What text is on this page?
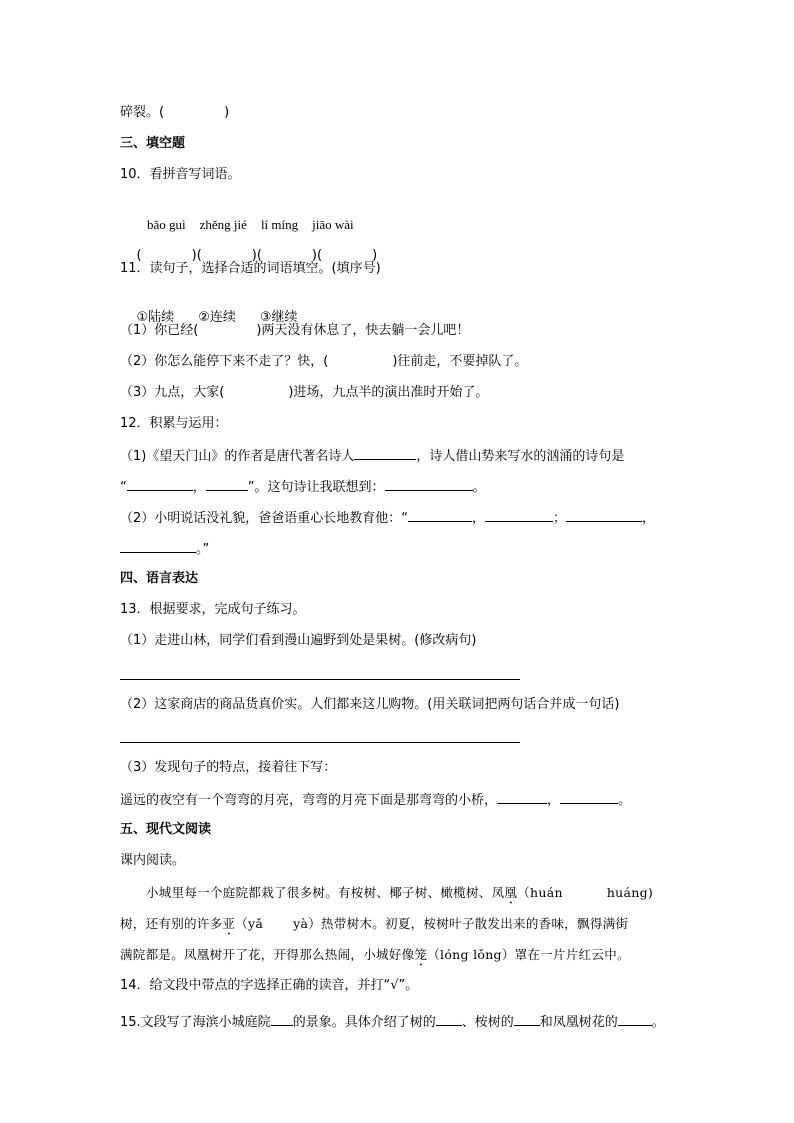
碎裂。(	)
三、填空题
10．看拼音写词语。

bǎo guì zhěng jié lí míng jiāo wài

(	)(	)(	)(	)

11．读句子，选择合适的词语填空。(填序号)

①陆续 ②连续 ③继续

（1）你已经(	)两天没有休息了，快去躺一会儿吧！
（2）你怎么能停下来不走了？快，(	)往前走，不要掉队了。
（3）九点，大家(	)进场，九点半的演出准时开始了。
12．积累与运用：
（1)《望天门山》的作者是唐代著名诗人	，诗人借山势来写水的汹涌的诗句是
“	，	”。这句诗让我联想到：	。
（2）小明说话没礼貌，爸爸语重心长地教育他：“	，	；	，
。”
四、语言表达
13．根据要求，完成句子练习。
（1）走进山林，同学们看到漫山遍野到处是果树。(修改病句)
（2）这家商店的商品货真价实。人们都来这儿购物。(用关联词把两句话合并成一句话)
（3）发现句子的特点，接着往下写：
遥远的夜空有一个弯弯的月亮，弯弯的月亮下面是那弯弯的小桥，	，	。
五、现代文阅读
课内阅读。
小城里每一个庭院都栽了很多树。有桉树、椰子树、橄榄树、凤凰（huán	huáng)
树，还有别的许多亚（yǎ yà）热带树木。初夏，桉树叶子散发出来的香味，飘得满街
满院都是。凤凰树开了花，开得那么热闹，小城好像笼（lóng lǒng）罩在一片片红云中。
14．给文段中带点的字选择正确的读音，并打“√”。
15.文段写了海滨小城庭院 的景象。具体介绍了树的 、桉树的 和凤凰树花的	。
